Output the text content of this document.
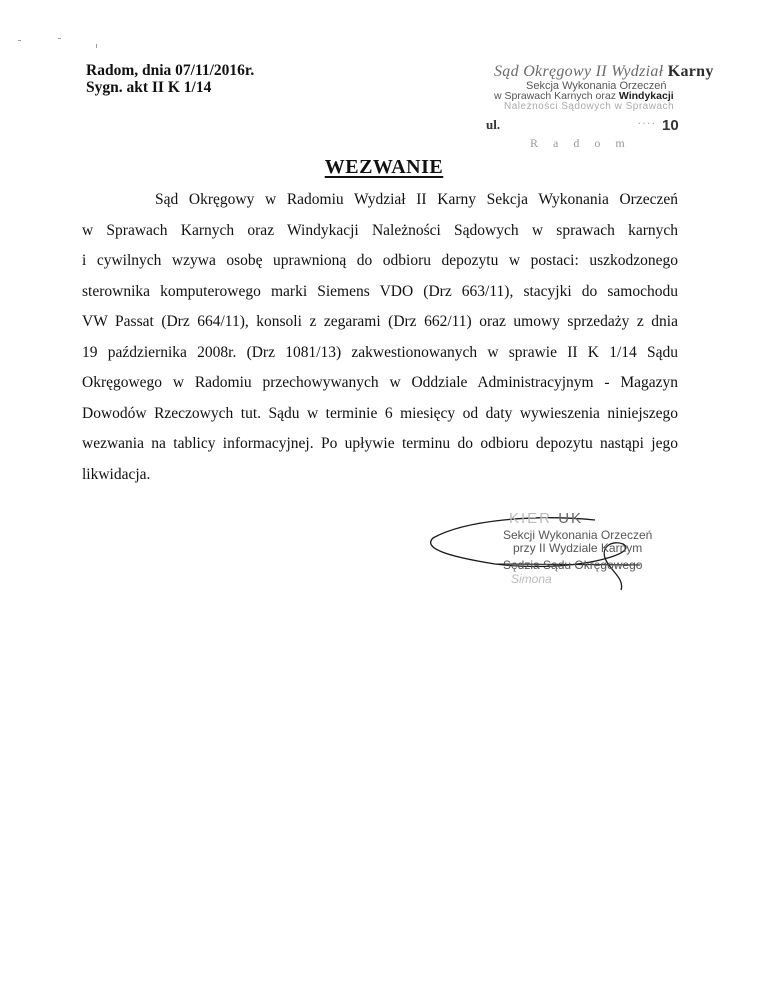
Radom, dnia 07/11/2016r.
Sygn. akt II K 1/14
Sąd Okręgowy II Wydział Karny
Sekcja Wykonania Orzeczeń
w Sprawach Karnych oraz Windykacji
Należności Sądowych w Sprawach
ul.	· · · · 10
R a d o m
WEZWANIE
Sąd Okręgowy w Radomiu Wydział II Karny Sekcja Wykonania Orzeczeń
w Sprawach Karnych oraz Windykacji Należności Sądowych w sprawach karnych
i cywilnych wzywa osobę uprawnioną do odbioru depozytu w postaci: uszkodzonego
sterownika komputerowego marki Siemens VDO (Drz 663/11), stacyjki do samochodu
VW Passat (Drz 664/11), konsoli z zegarami (Drz 662/11) oraz umowy sprzedaży z dnia
19 października 2008r. (Drz 1081/13) zakwestionowanych w sprawie II K 1/14 Sądu
Okręgowego w Radomiu przechowywanych w Oddziale Administracyjnym - Magazyn
Dowodów Rzeczowych tut. Sądu w terminie 6 miesięcy od daty wywieszenia niniejszego
wezwania na tablicy informacyjnej. Po upływie terminu do odbioru depozytu nastąpi jego
likwidacja.
KIER UK
Sekcji Wykonania Orzeczeń
przy II Wydziale Karnym
Sędzia Sądu Okręgowego
Simona
